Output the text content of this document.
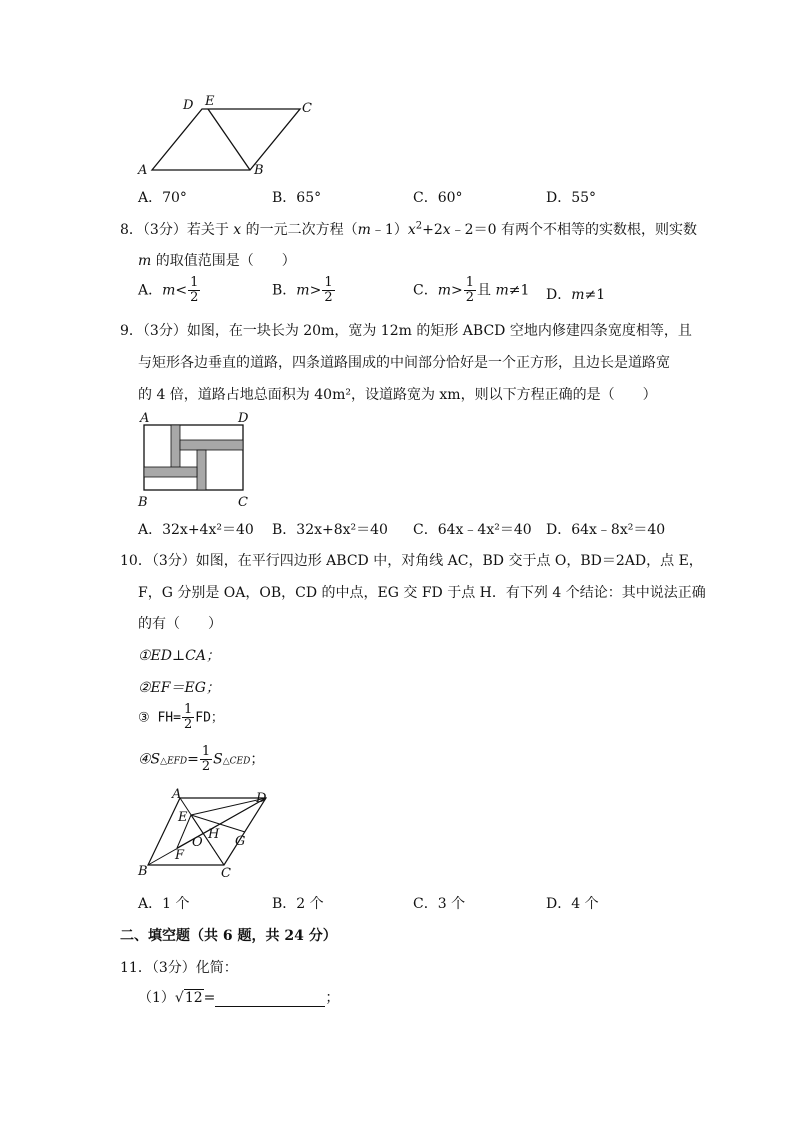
D E	C
A	B
A．70°	B．65°	C．60°	D．55°
8．（3分）若关于 x 的一元二次方程$(m﹣1)x^2+2x﹣2=0$ 有两个不相等的实数根，则实数
m 的取值范围是（　　）
A．$m< \frac{1}{2}$	B．$m> \frac{1}{2}$	C．$m> \frac{1}{2}$ 且 m≠1 D．m≠1
9．（3分）如图，在一块长为 20m，宽为 12m 的矩形 ABCD 空地内修建四条宽度相等，且
与矩形各边垂直的道路，四条道路围成的中间部分恰好是一个正方形，且边长是道路宽
的 4 倍，道路占地总面积为 40m²，设道路宽为 xm，则以下方程正确的是（　　）
A	D
B	C
A．32x+4x²＝40 B．32x+8x²＝40 C．64x﹣4x²＝40 D．64x﹣8x²＝40
10．（3分）如图，在平行四边形 ABCD 中，对角线 AC，BD 交于点 O，BD＝2AD，点 E，
F，G 分别是 OA，OB，CD 的中点，EG 交 FD 于点 H．有下列 4 个结论：其中说法正确
的有（　　）
①ED⊥CA；
②EF＝EG；
③ $FH= \frac{1}{2}$ FD；
④S△EFD= $\frac{1}{2}$ S△CED；
A	D
E
O
H G
F
B	C
A．1 个	B．2 个	C．3 个	D．4 个
二、填空题（共 6 题，共 24 分）
11．（3分）化简：
（1）√12=	；
